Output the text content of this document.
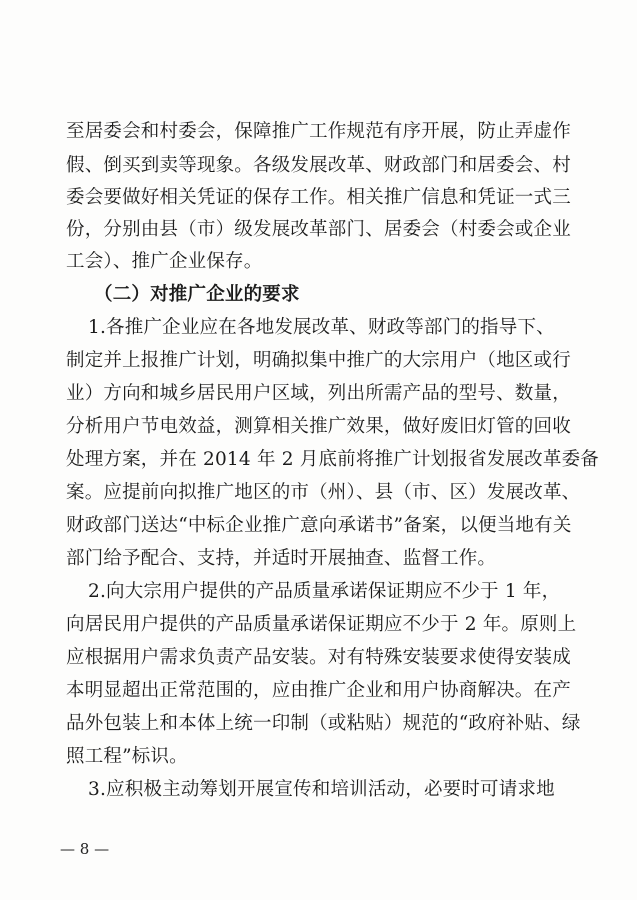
至居委会和村委会，保障推广工作规范有序开展，防止弄虚作
假、倒买到卖等现象。各级发展改革、财政部门和居委会、村
委会要做好相关凭证的保存工作。相关推广信息和凭证一式三
份，分别由县（市）级发展改革部门、居委会（村委会或企业
工会）、推广企业保存。
（二）对推广企业的要求
1.各推广企业应在各地发展改革、财政等部门的指导下、
制定并上报推广计划，明确拟集中推广的大宗用户（地区或行
业）方向和城乡居民用户区域，列出所需产品的型号、数量，
分析用户节电效益，测算相关推广效果，做好废旧灯管的回收
处理方案，并在 2014 年 2 月底前将推广计划报省发展改革委备
案。应提前向拟推广地区的市（州）、县（市、区）发展改革、
财政部门送达“中标企业推广意向承诺书”备案，以便当地有关
部门给予配合、支持，并适时开展抽查、监督工作。
2.向大宗用户提供的产品质量承诺保证期应不少于 1 年，
向居民用户提供的产品质量承诺保证期应不少于 2 年。原则上
应根据用户需求负责产品安装。对有特殊安装要求使得安装成
本明显超出正常范围的，应由推广企业和用户协商解决。在产
品外包装上和本体上统一印制（或粘贴）规范的“政府补贴、绿
照工程”标识。
3.应积极主动筹划开展宣传和培训活动，必要时可请求地
— 8 —
